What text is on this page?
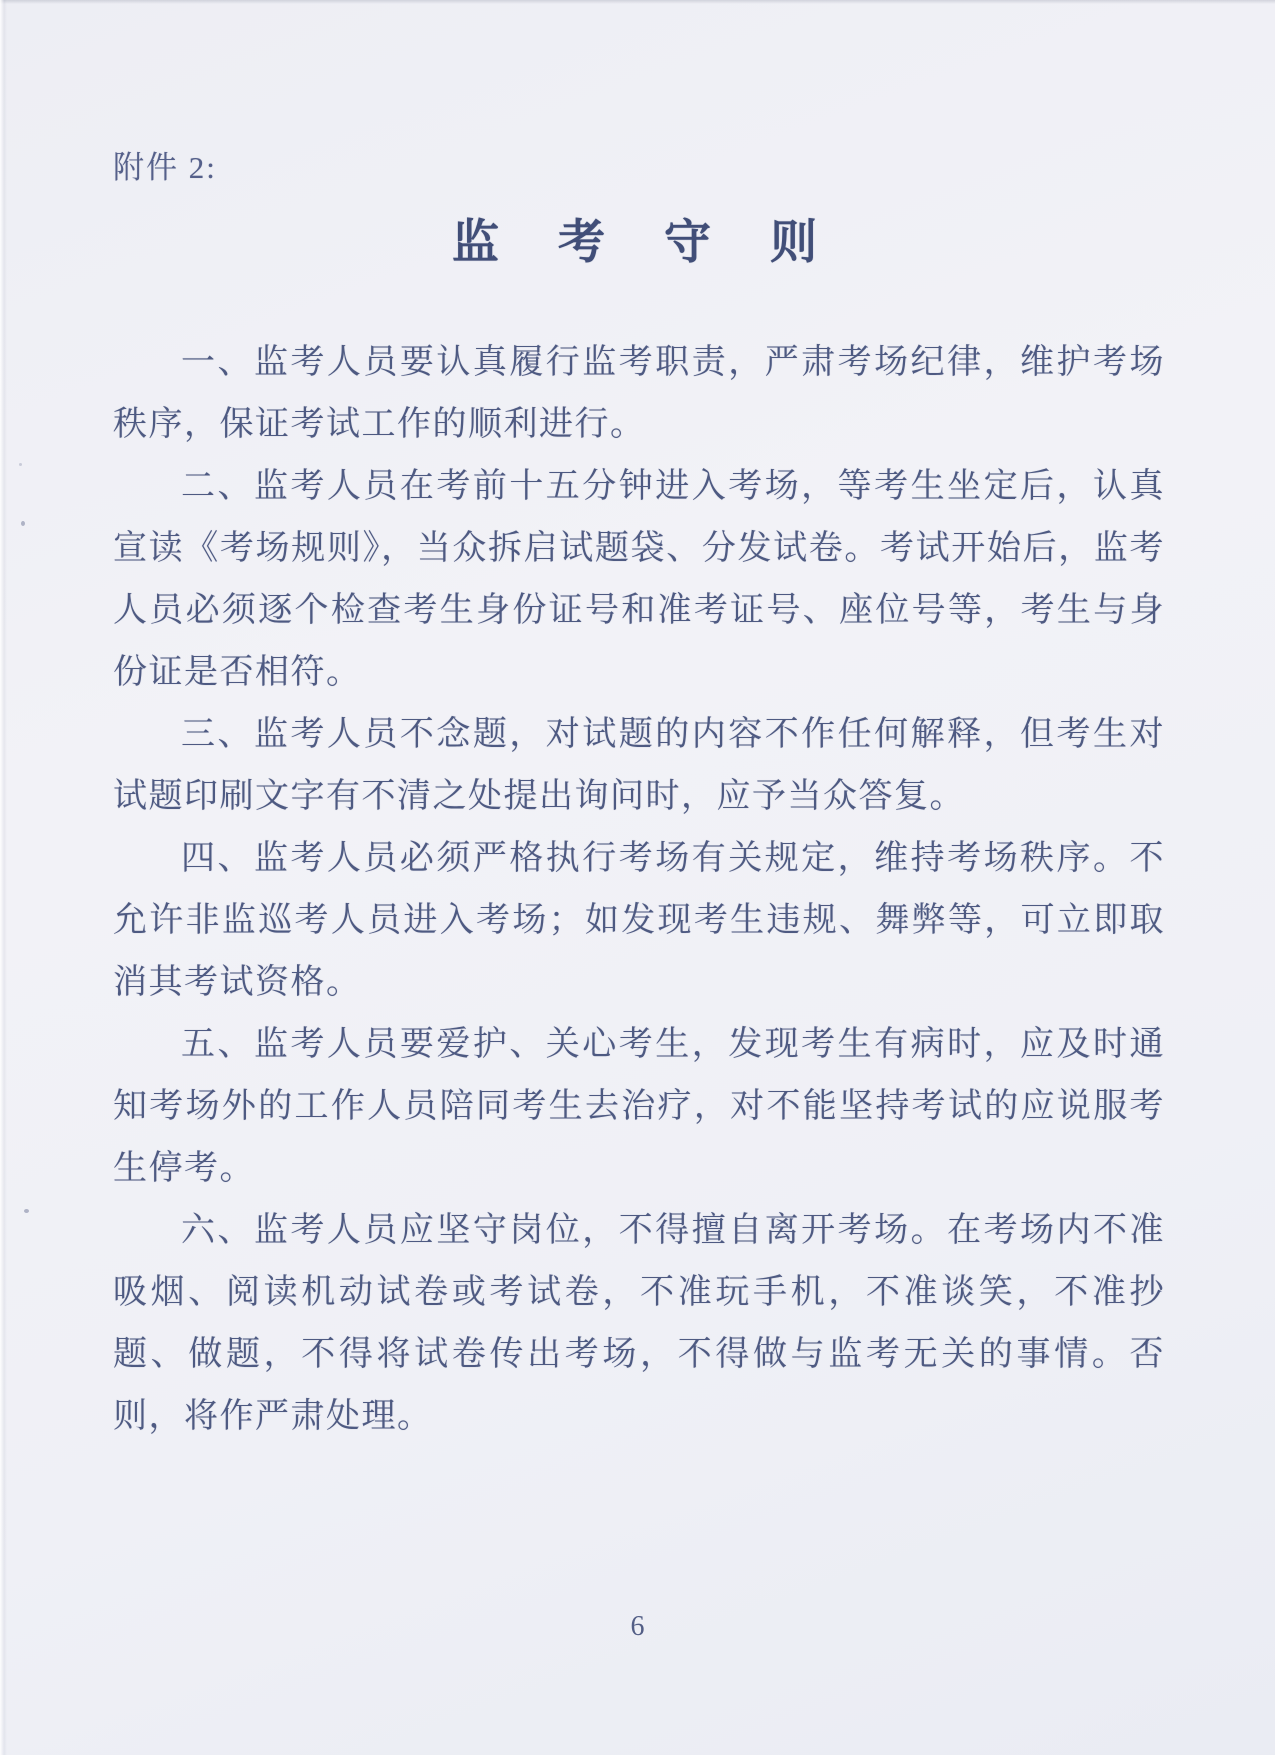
附件 2:
监　考　守　则

一、监考人员要认真履行监考职责，严肃考场纪律，维护考场秩序，保证考试工作的顺利进行。

二、监考人员在考前十五分钟进入考场，等考生坐定后，认真宣读《考场规则》，当众拆启试题袋、分发试卷。考试开始后，监考人员必须逐个检查考生身份证号和准考证号、座位号等，考生与身份证是否相符。

三、监考人员不念题，对试题的内容不作任何解释，但考生对试题印刷文字有不清之处提出询问时，应予当众答复。

四、监考人员必须严格执行考场有关规定，维持考场秩序。不允许非监巡考人员进入考场；如发现考生违规、舞弊等，可立即取消其考试资格。

五、监考人员要爱护、关心考生，发现考生有病时，应及时通知考场外的工作人员陪同考生去治疗，对不能坚持考试的应说服考生停考。

六、监考人员应坚守岗位，不得擅自离开考场。在考场内不准吸烟、阅读机动试卷或考试卷，不准玩手机，不准谈笑，不准抄题、做题，不得将试卷传出考场，不得做与监考无关的事情。否则，将作严肃处理。

6
